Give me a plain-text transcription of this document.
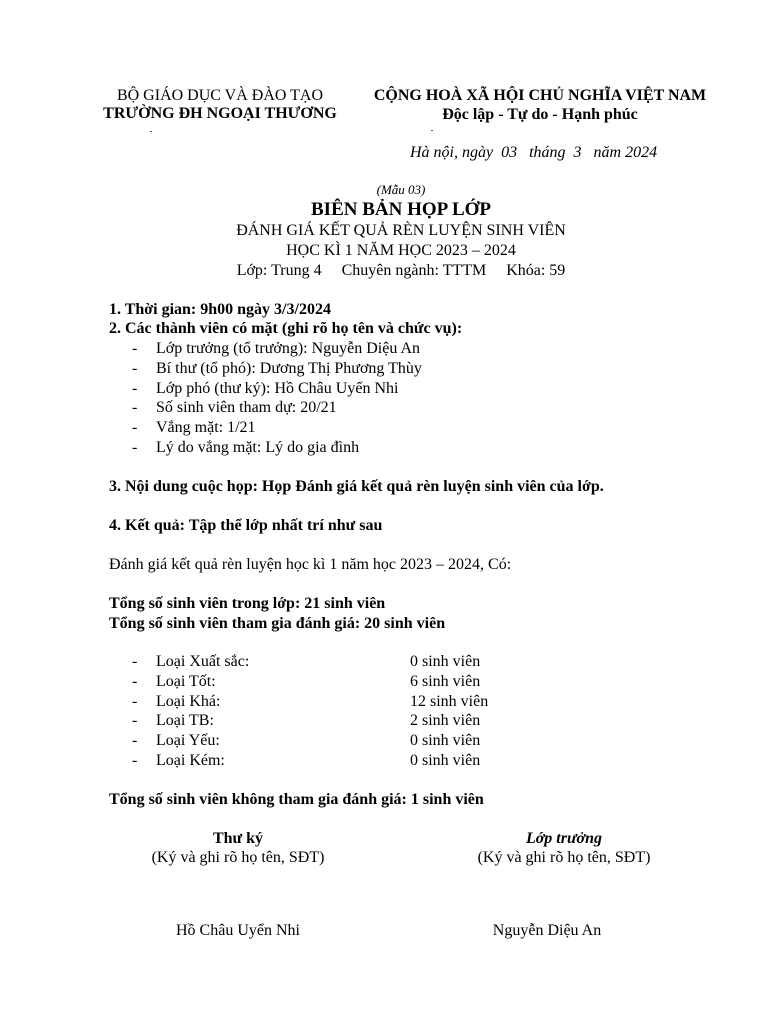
BỘ GIÁO DỤC VÀ ĐÀO TẠO
TRƯỜNG ĐH NGOẠI THƯƠNG
CỘNG HOÀ XÃ HỘI CHỦ NGHĨA VIỆT NAM
Độc lập - Tự do - Hạnh phúc
Hà nội, ngày  03   tháng  3   năm 2024
(Mẫu 03)
BIÊN BẢN HỌP LỚP
ĐÁNH GIÁ KẾT QUẢ RÈN LUYỆN SINH VIÊN
HỌC KÌ 1 NĂM HỌC 2023 – 2024
Lớp: Trung 4     Chuyên ngành: TTTM     Khóa: 59
1. Thời gian: 9h00 ngày 3/3/2024
2. Các thành viên có mặt (ghi rõ họ tên và chức vụ):
- Lớp trưởng (tổ trưởng): Nguyễn Diệu An
- Bí thư (tổ phó): Dương Thị Phương Thùy
- Lớp phó (thư ký): Hồ Châu Uyển Nhi
- Số sinh viên tham dự: 20/21
- Vắng mặt: 1/21
- Lý do vắng mặt: Lý do gia đình
3. Nội dung cuộc họp: Họp Đánh giá kết quả rèn luyện sinh viên của lớp.
4. Kết quả: Tập thể lớp nhất trí như sau
Đánh giá kết quả rèn luyện học kì 1 năm học 2023 – 2024, Có:
Tổng số sinh viên trong lớp: 21 sinh viên
Tổng số sinh viên tham gia đánh giá: 20 sinh viên
- Loại Xuất sắc:	0 sinh viên
- Loại Tốt:	6 sinh viên
- Loại Khá:	12 sinh viên
- Loại TB:	2 sinh viên
- Loại Yếu:	0 sinh viên
- Loại Kém:	0 sinh viên
Tổng số sinh viên không tham gia đánh giá: 1 sinh viên
Thư ký
(Ký và ghi rõ họ tên, SĐT)
Hồ Châu Uyển Nhi
Lớp trưởng
(Ký và ghi rõ họ tên, SĐT)
Nguyễn Diệu An
